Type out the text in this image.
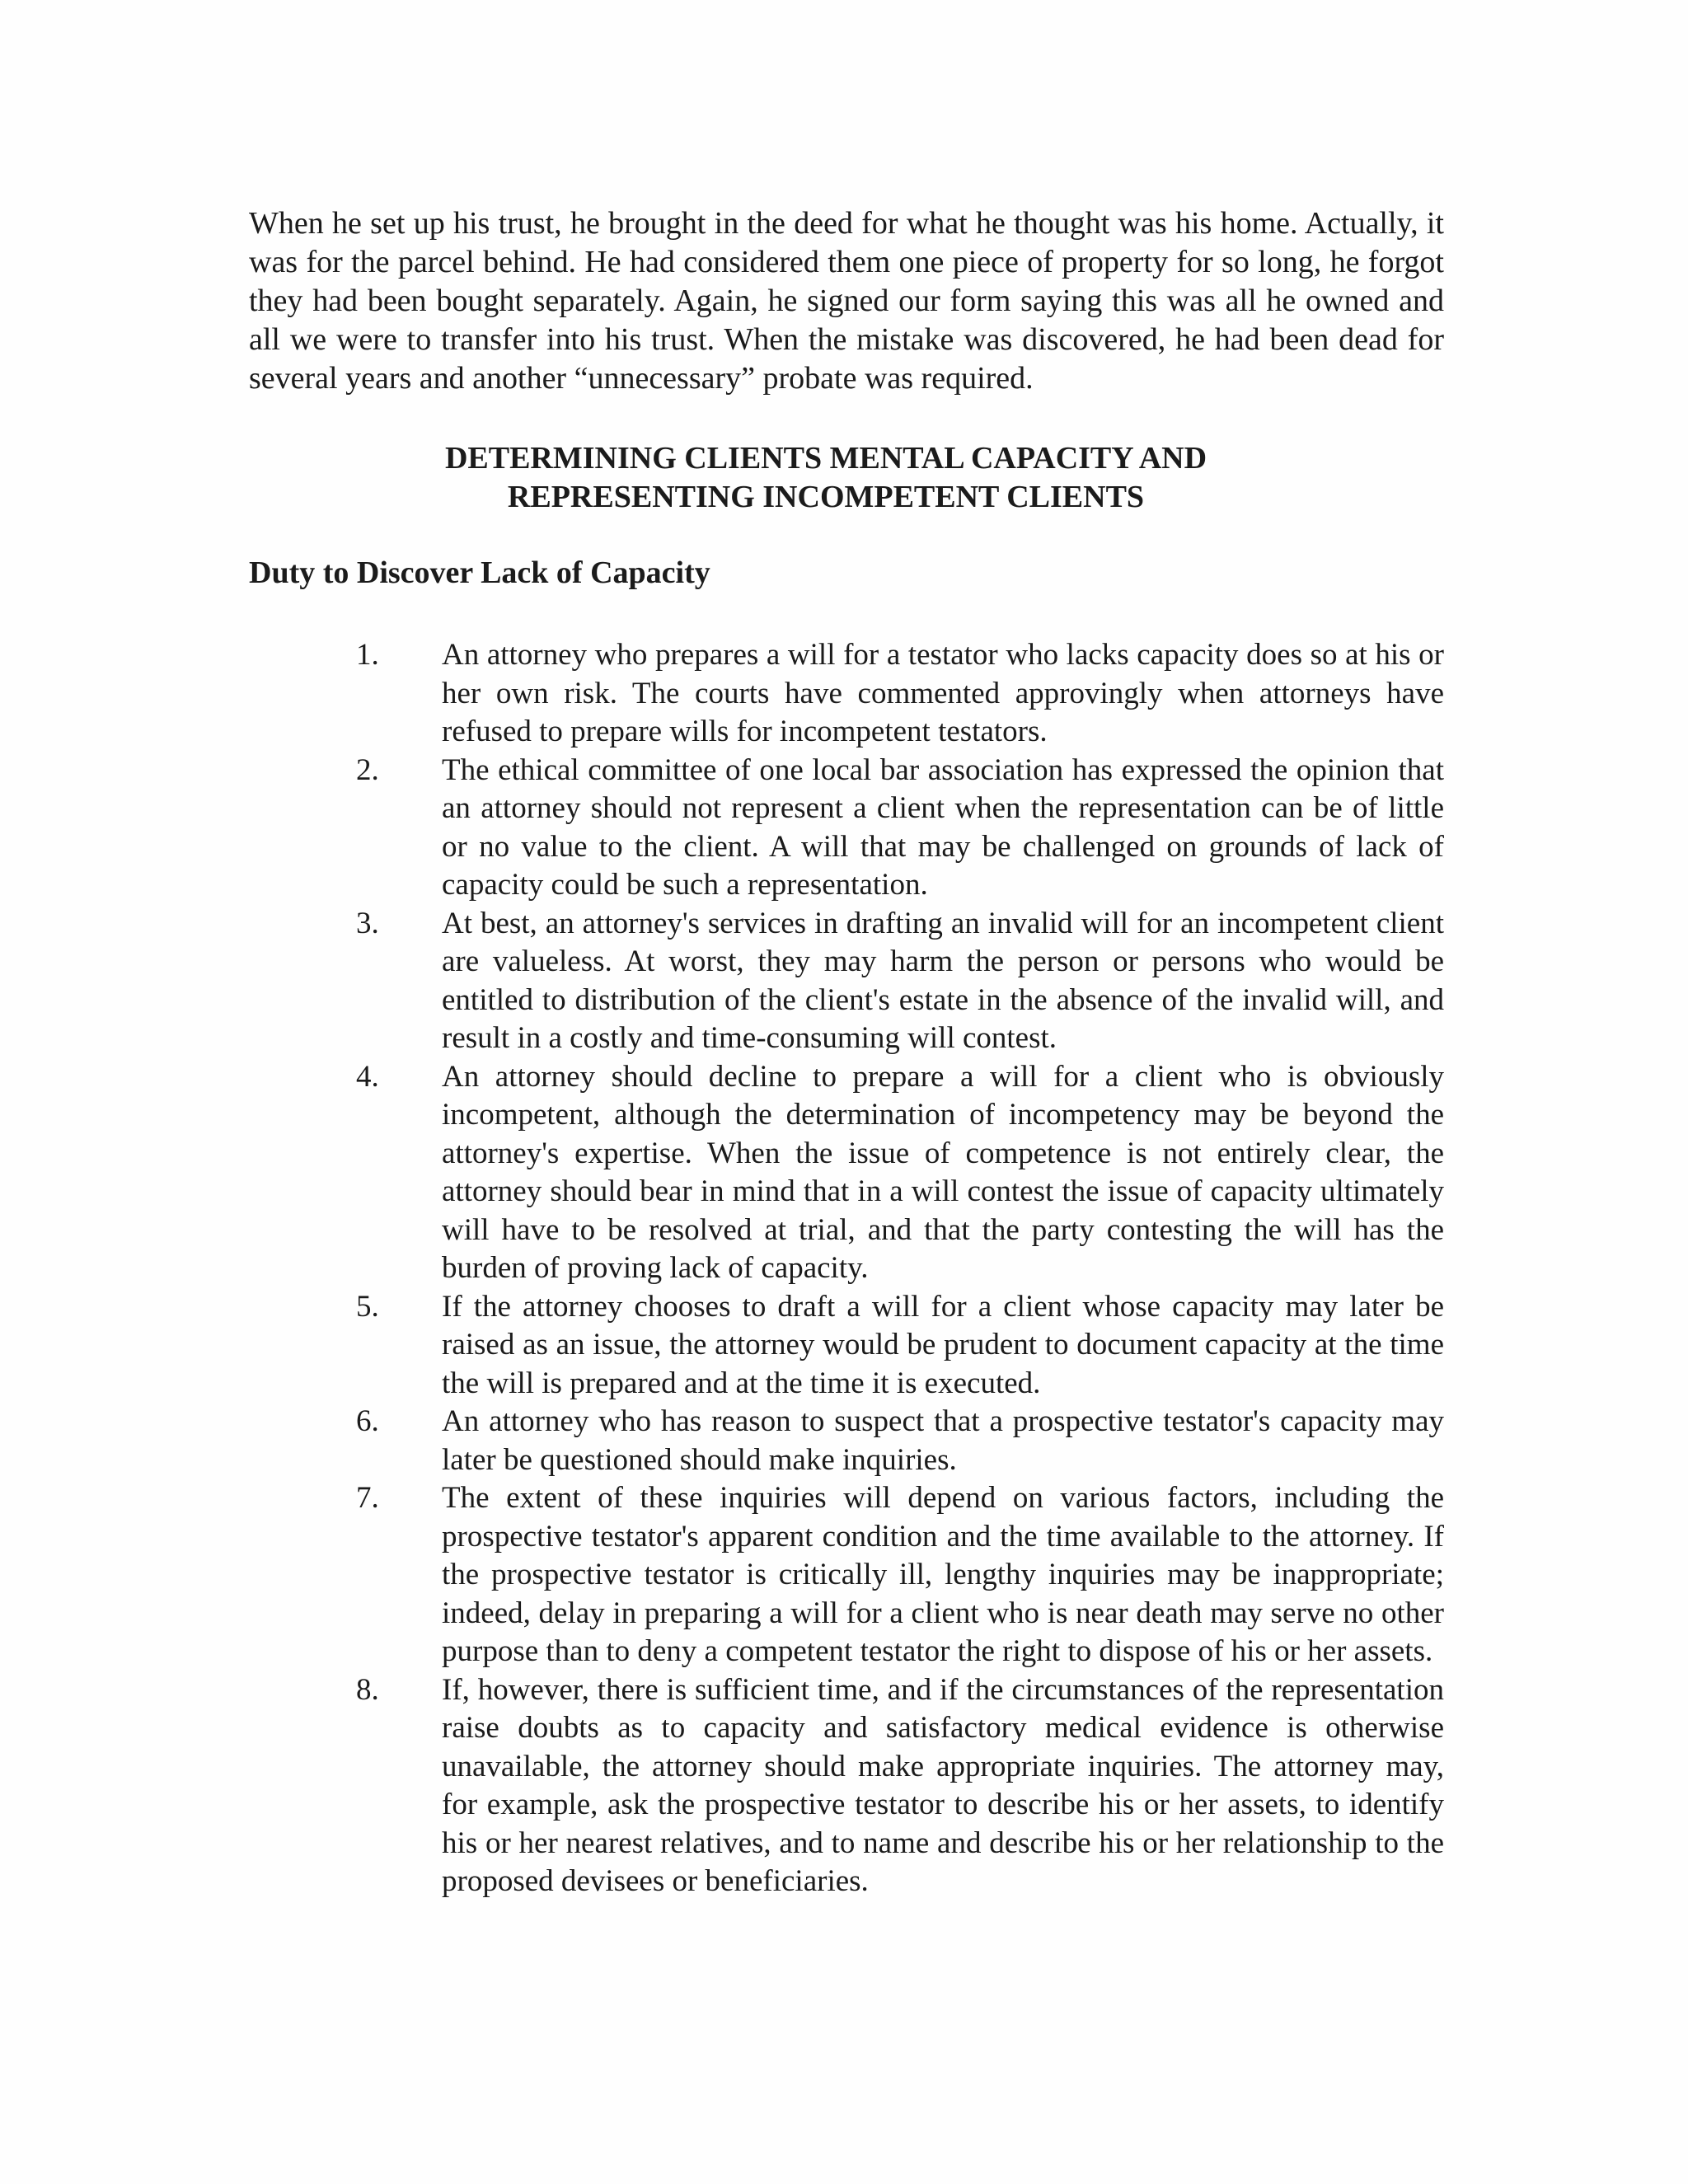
When he set up his trust, he brought in the deed for what he thought was his home. Actually, it was for the parcel behind. He had considered them one piece of property for so long, he forgot they had been bought separately. Again, he signed our form saying this was all he owned and all we were to transfer into his trust. When the mistake was discovered, he had been dead for several years and another “unnecessary” probate was required.

DETERMINING CLIENTS MENTAL CAPACITY AND
REPRESENTING INCOMPETENT CLIENTS
Duty to Discover Lack of Capacity
1. An attorney who prepares a will for a testator who lacks capacity does so at his or her own risk. The courts have commented approvingly when attorneys have refused to prepare wills for incompetent testators.
2. The ethical committee of one local bar association has expressed the opinion that an attorney should not represent a client when the representation can be of little or no value to the client. A will that may be challenged on grounds of lack of capacity could be such a representation.
3. At best, an attorney's services in drafting an invalid will for an incompetent client are valueless. At worst, they may harm the person or persons who would be entitled to distribution of the client's estate in the absence of the invalid will, and result in a costly and time-consuming will contest.
4. An attorney should decline to prepare a will for a client who is obviously incompetent, although the determination of incompetency may be beyond the attorney's expertise. When the issue of competence is not entirely clear, the attorney should bear in mind that in a will contest the issue of capacity ultimately will have to be resolved at trial, and that the party contesting the will has the burden of proving lack of capacity.
5. If the attorney chooses to draft a will for a client whose capacity may later be raised as an issue, the attorney would be prudent to document capacity at the time the will is prepared and at the time it is executed.
6. An attorney who has reason to suspect that a prospective testator's capacity may later be questioned should make inquiries.
7. The extent of these inquiries will depend on various factors, including the prospective testator's apparent condition and the time available to the attorney. If the prospective testator is critically ill, lengthy inquiries may be inappropriate; indeed, delay in preparing a will for a client who is near death may serve no other purpose than to deny a competent testator the right to dispose of his or her assets.
8. If, however, there is sufficient time, and if the circumstances of the representation raise doubts as to capacity and satisfactory medical evidence is otherwise unavailable, the attorney should make appropriate inquiries. The attorney may, for example, ask the prospective testator to describe his or her assets, to identify his or her nearest relatives, and to name and describe his or her relationship to the proposed devisees or beneficiaries.
